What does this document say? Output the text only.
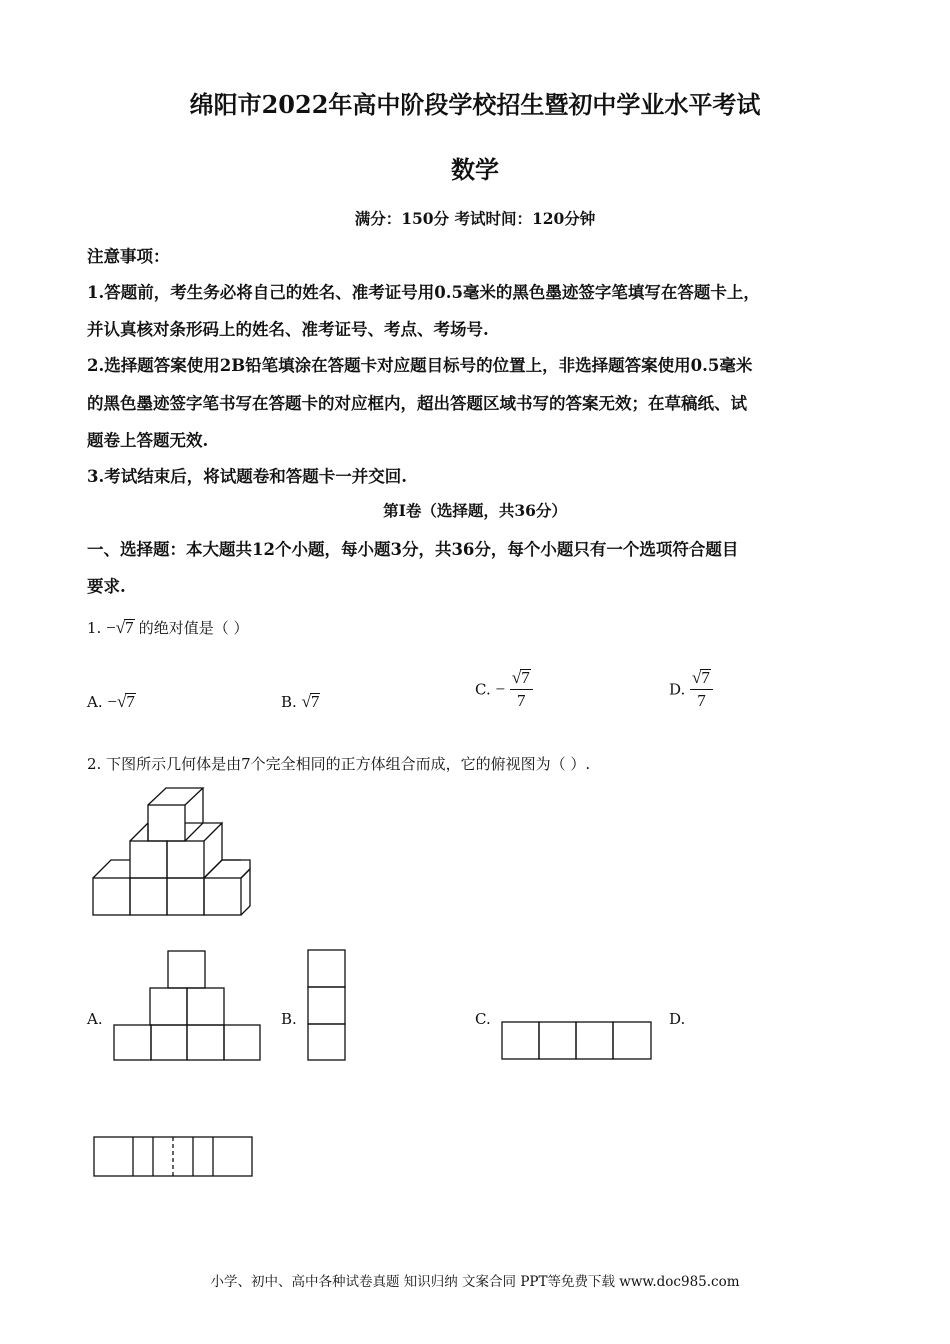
绵阳市2022年高中阶段学校招生暨初中学业水平考试
数学
满分：150分 考试时间：120分钟
注意事项：
1.答题前，考生务必将自己的姓名、准考证号用0.5毫米的黑色墨迹签字笔填写在答题卡上，
并认真核对条形码上的姓名、准考证号、考点、考场号.
2.选择题答案使用2B铅笔填涂在答题卡对应题目标号的位置上，非选择题答案使用0.5毫米
的黑色墨迹签字笔书写在答题卡的对应框内，超出答题区域书写的答案无效；在草稿纸、试
题卷上答题无效.
3.考试结束后，将试题卷和答题卡一并交回.
第Ⅰ卷（选择题，共36分）
一、选择题：本大题共12个小题，每小题3分，共36分，每个小题只有一个选项符合题目
要求.
1. −√7 的绝对值是（ ）
A. −√7	B. √7
C. − $\frac{√7}{7}$	D. $\frac{√7}{7}$
2. 下图所示几何体是由7个完全相同的正方体组合而成，它的俯视图为（ ）.
A.	B.	C.	D.
小学、初中、高中各种试卷真题 知识归纳 文案合同 PPT等免费下载 www.doc985.com
